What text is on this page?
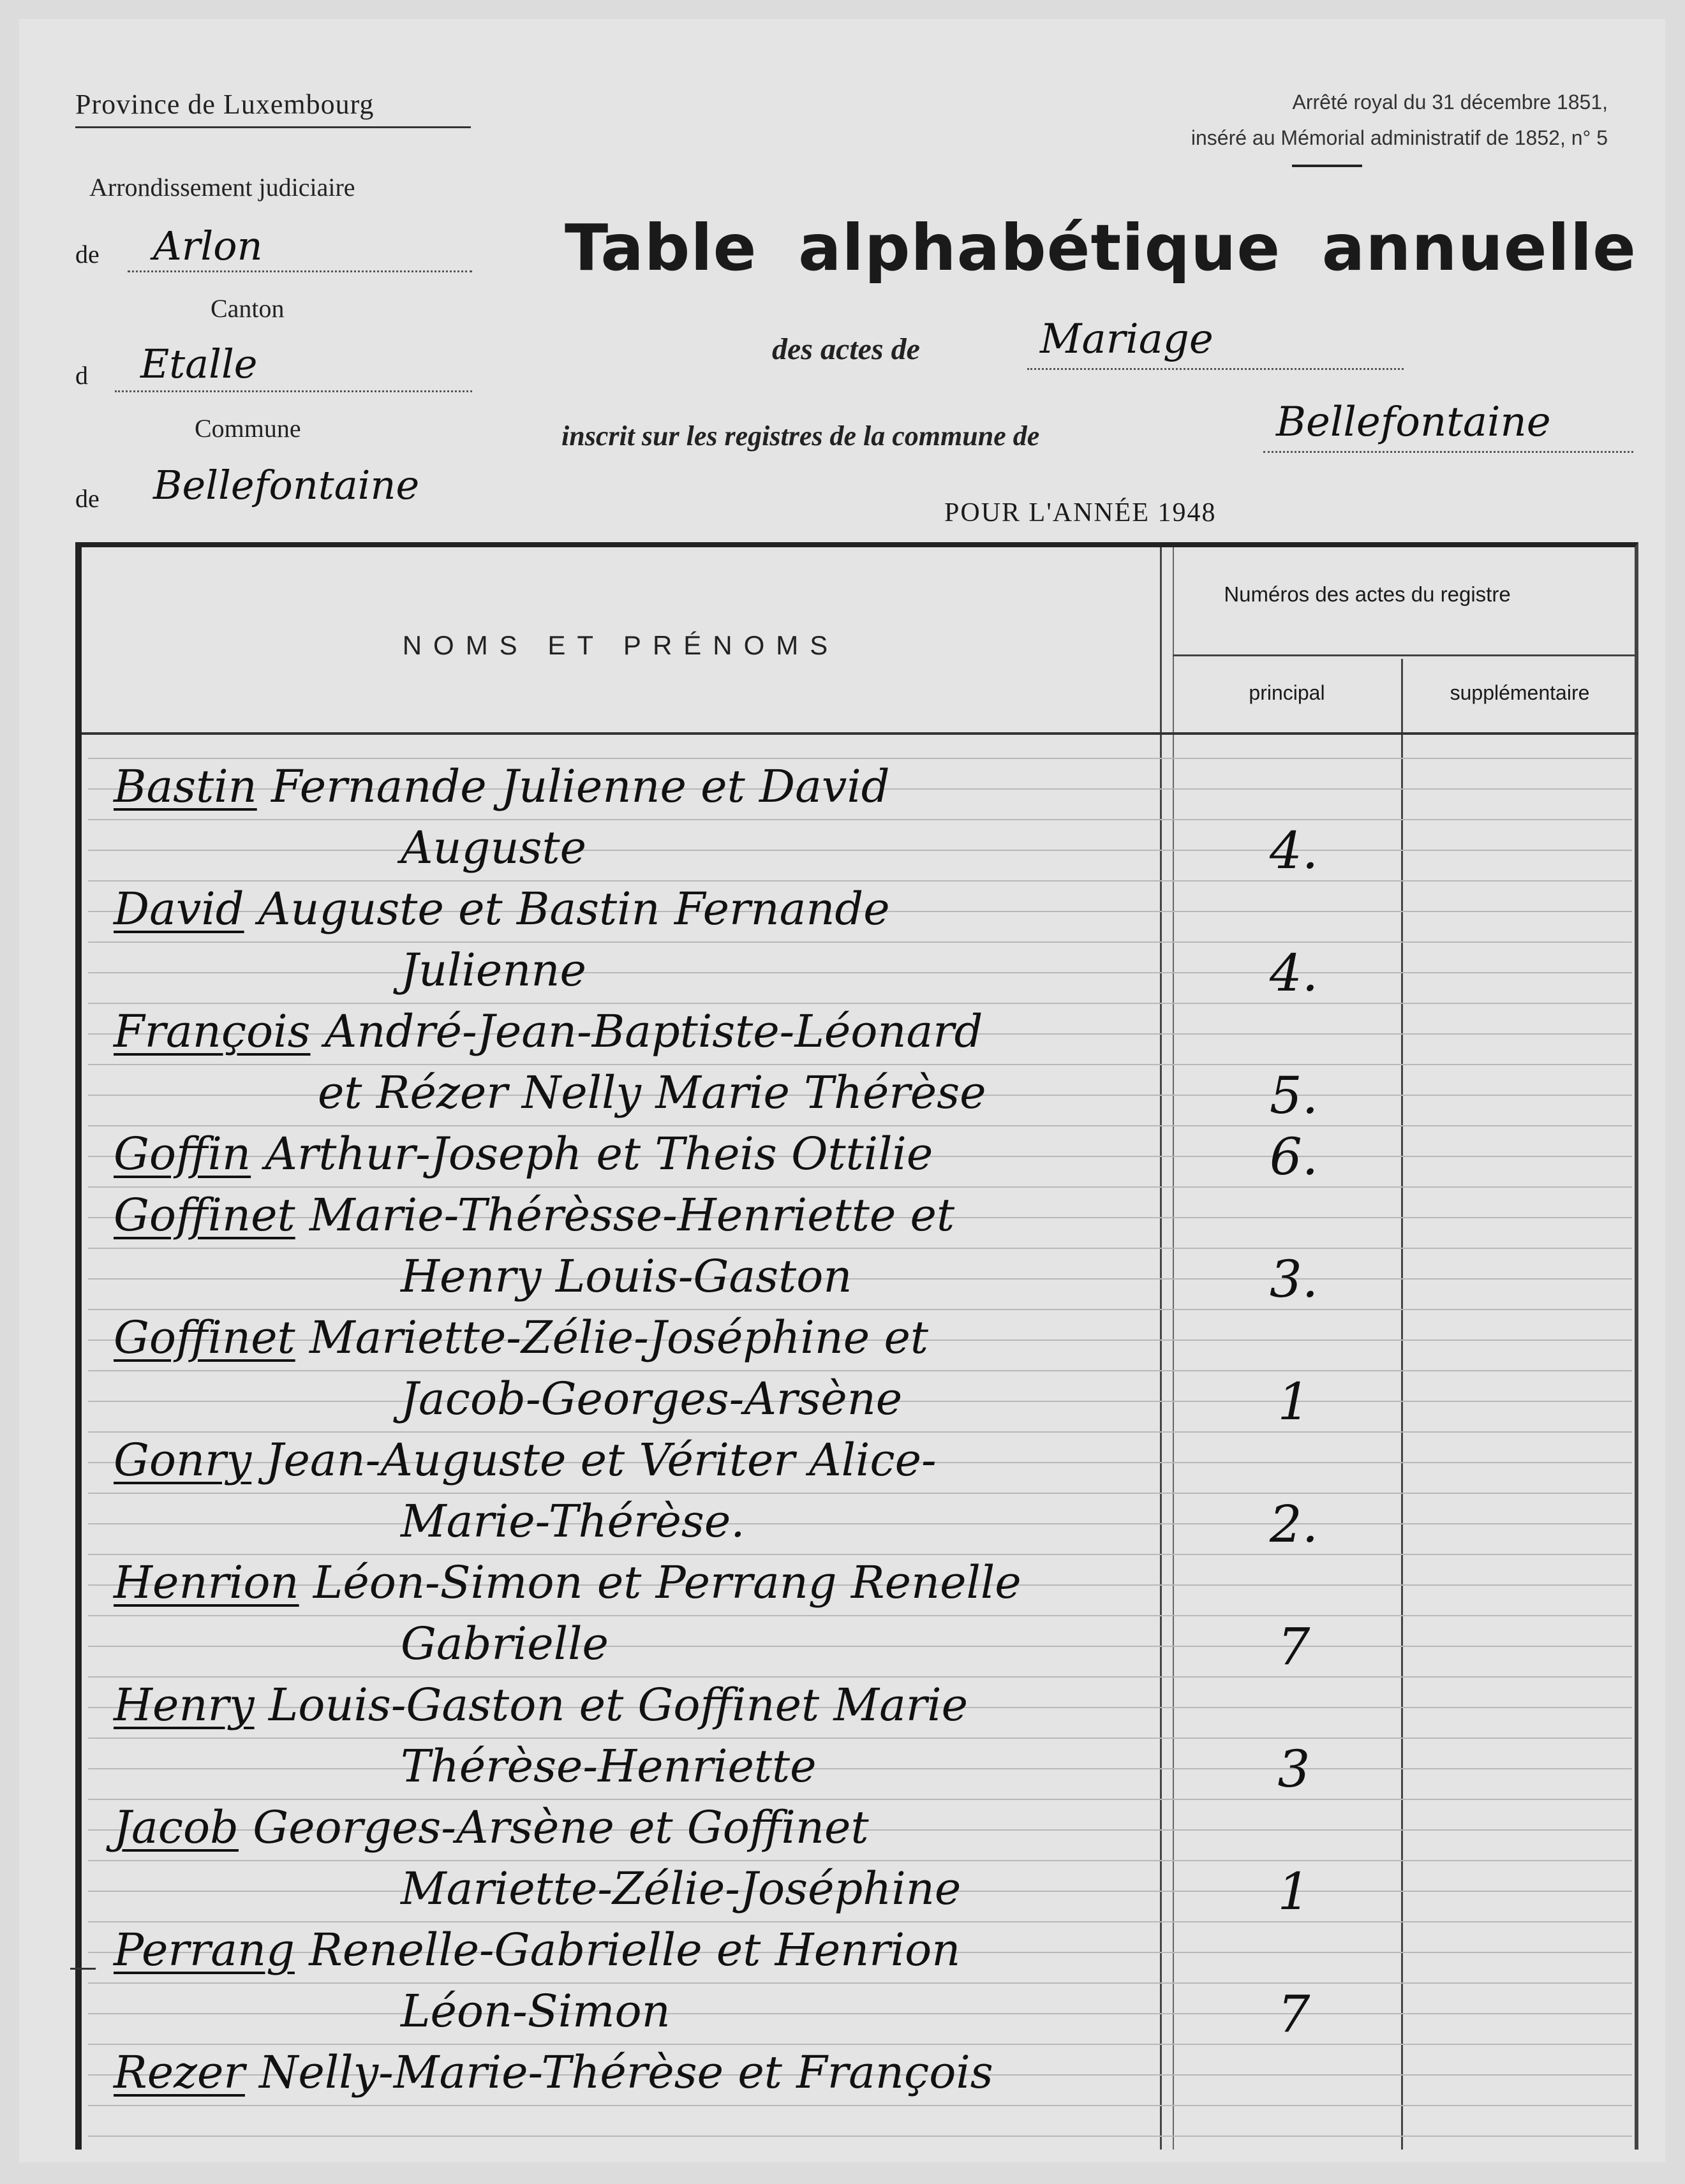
Province de Luxembourg
Arrondissement judiciaire
de	Arlon
Canton
d	Etalle
Commune
de	Bellefontaine
Arrêté royal du 31 décembre 1851,
inséré au Mémorial administratif de 1852, n° 5
Table alphabétique annuelle
des actes de	Mariage
inscrit sur les registres de la commune de	Bellefontaine
POUR L'ANNÉE 1948
NOMS ET PRÉNOMS
Numéros des actes du registre
principal	supplémentaire
Bastin Fernande Julienne et David
Auguste	4.
David Auguste et Bastin Fernande
Julienne	4.
François André-Jean-Baptiste-Léonard
et Rézer Nelly Marie Thérèse	5.
Goffin Arthur-Joseph et Theis Ottilie	6.
Goffinet Marie-Thérèsse-Henriette et
Henry Louis-Gaston	3.
Goffinet Mariette-Zélie-Joséphine et
Jacob-Georges-Arsène	1
Gonry Jean-Auguste et Vériter Alice-
Marie-Thérèse.	2.
Henrion Léon-Simon et Perrang Renelle
Gabrielle	7
Henry Louis-Gaston et Goffinet Marie
Thérèse-Henriette	3
Jacob Georges-Arsène et Goffinet
Mariette-Zélie-Joséphine	1
Perrang Renelle-Gabrielle et Henrion
Léon-Simon	7
Rezer Nelly-Marie-Thérèse et François
